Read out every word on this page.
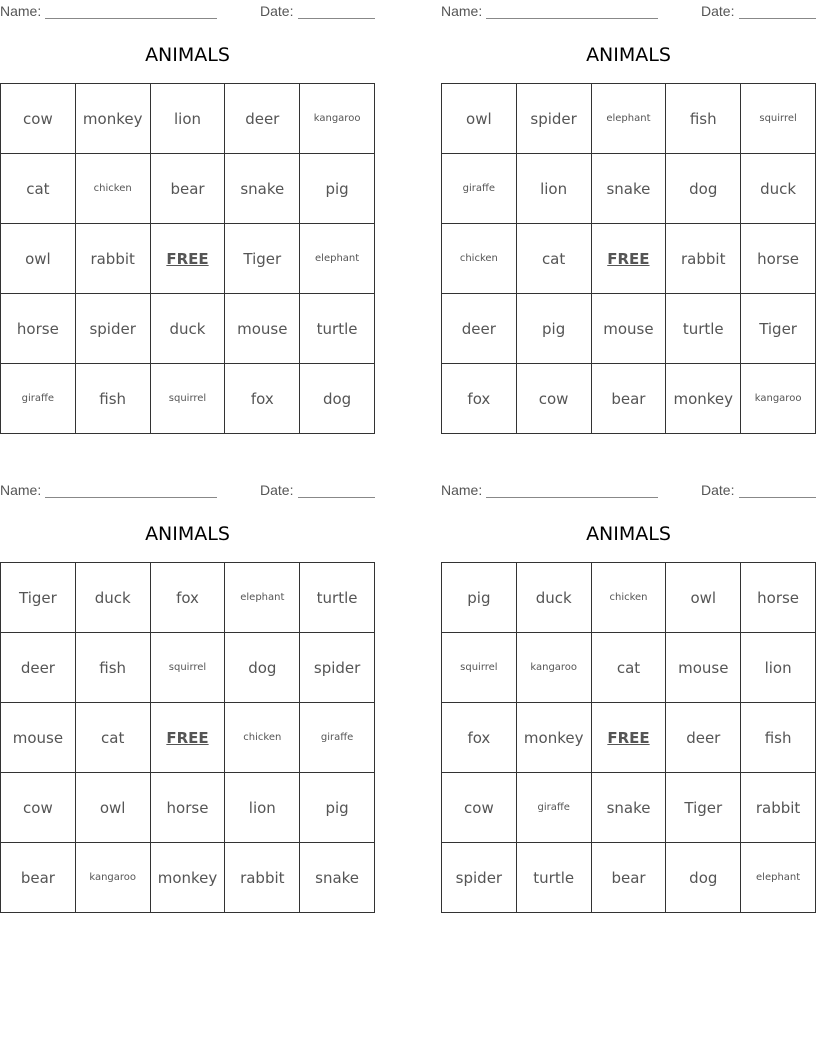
Name:	Date:
ANIMALS
cow	monkey	lion	deer	kangaroo
cat	chicken	bear	snake	pig
owl	rabbit	FREE	Tiger	elephant
horse	spider	duck	mouse	turtle
giraffe	fish	squirrel	fox	dog
Name:	Date:
ANIMALS
owl	spider	elephant	fish	squirrel
giraffe	lion	snake	dog	duck
chicken	cat	FREE	rabbit	horse
deer	pig	mouse	turtle	Tiger
fox	cow	bear	monkey	kangaroo
Name:	Date:
ANIMALS
Tiger	duck	fox	elephant	turtle
deer	fish	squirrel	dog	spider
mouse	cat	FREE	chicken	giraffe
cow	owl	horse	lion	pig
bear	kangaroo	monkey	rabbit	snake
Name:	Date:
ANIMALS
pig	duck	chicken	owl	horse
squirrel	kangaroo	cat	mouse	lion
fox	monkey	FREE	deer	fish
cow	giraffe	snake	Tiger	rabbit
spider	turtle	bear	dog	elephant
